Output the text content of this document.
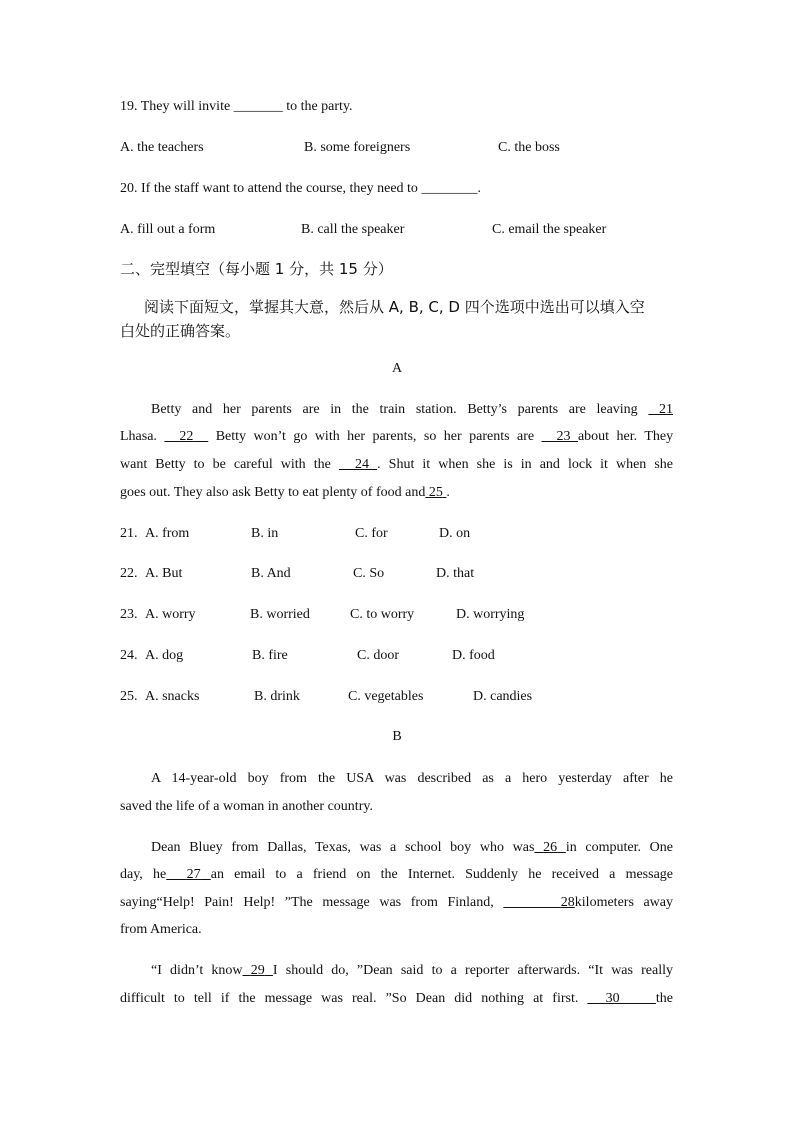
19. They will invite _______ to the party.
A. the teachers	B. some foreigners	C. the boss
20. If the staff want to attend the course, they need to ________.
A. fill out a form	B. call the speaker	C. email the speaker
二、完型填空（每小题 1 分，共 15 分）
阅读下面短文，掌握其大意，然后从 A, B, C, D 四个选项中选出可以填入空
白处的正确答案。
A
Betty and her parents are in the train station. Betty’s parents are leaving 21
Lhasa. 22 Betty won’t go with her parents, so her parents are 23 about her. They
want Betty to be careful with the 24 . Shut it when she is in and lock it when she
goes out. They also ask Betty to eat plenty of food and 25 .
21. A. from	B. in	C. for	D. on
22. A. But	B. And	C. So	D. that
23. A. worry	B. worried	C. to worry	D. worrying
24. A. dog	B. fire	C. door	D. food
25. A. snacks	B. drink	C. vegetables	D. candies
B
A 14-year-old boy from the USA was described as a hero yesterday after he
saved the life of a woman in another country.
Dean Bluey from Dallas, Texas, was a school boy who was 26 in computer. One
day, he 27 an email to a friend on the Internet. Suddenly he received a message
saying“Help! Pain! Help! ”The message was from Finland,	28kilometers away
from America.
“I didn’t know 29 I should do, ”Dean said to a reporter afterwards. “It was really
difficult to tell if the message was real. ”So Dean did nothing at first. 30	the
